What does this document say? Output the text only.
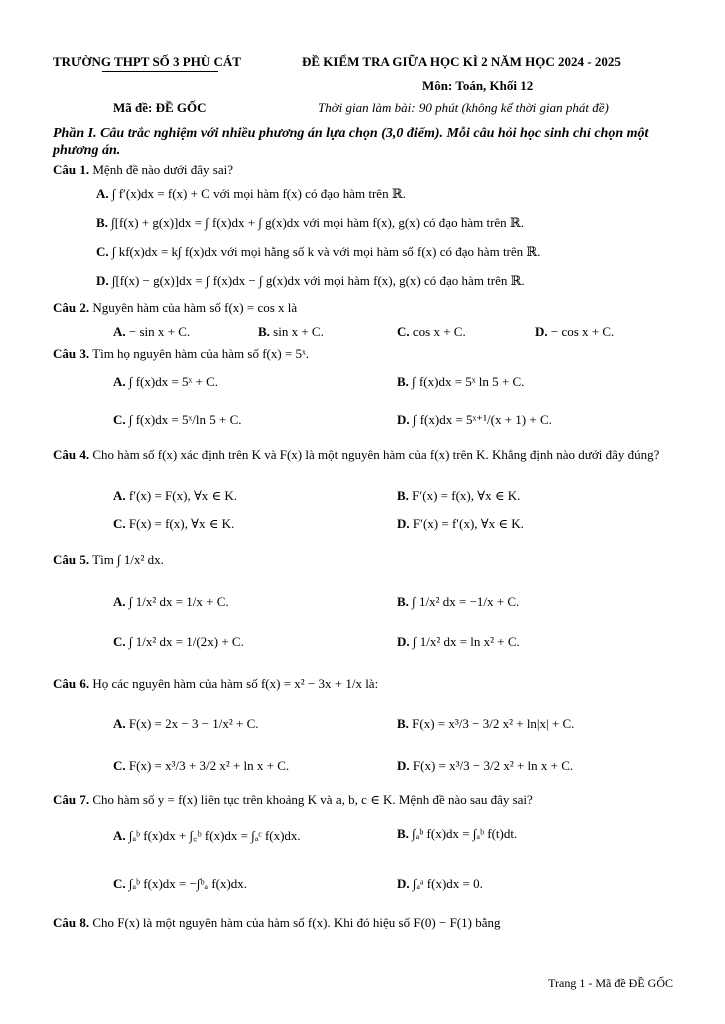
TRƯỜNG THPT SỐ 3 PHÙ CÁT	ĐỀ KIỂM TRA GIỮA HỌC KÌ 2 NĂM HỌC 2024 - 2025
Môn: Toán, Khối 12
Mã đề: ĐỀ GỐC	Thời gian làm bài: 90 phút (không kể thời gian phát đề)
Phần I. Câu trắc nghiệm với nhiều phương án lựa chọn (3,0 điểm). Mỗi câu hỏi học sinh chỉ chọn một phương án.
Câu 1. Mệnh đề nào dưới đây sai?
A. ∫ f′(x)dx = f(x) + C với mọi hàm f(x) có đạo hàm trên ℝ.
B. ∫[f(x) + g(x)]dx = ∫ f(x)dx + ∫ g(x)dx với mọi hàm f(x), g(x) có đạo hàm trên ℝ.
C. ∫ kf(x)dx = k∫ f(x)dx với mọi hằng số k và với mọi hàm số f(x) có đạo hàm trên ℝ.
D. ∫[f(x) − g(x)]dx = ∫ f(x)dx − ∫ g(x)dx với mọi hàm f(x), g(x) có đạo hàm trên ℝ.
Câu 2. Nguyên hàm của hàm số f(x) = cos x là
A. − sin x + C.	B. sin x + C.	C. cos x + C.	D. − cos x + C.
Câu 3. Tìm họ nguyên hàm của hàm số f(x) = 5ˣ.
A. ∫ f(x)dx = 5ˣ + C.	B. ∫ f(x)dx = 5ˣ ln 5 + C.
C. ∫ f(x)dx = 5ˣ/ln 5 + C.	D. ∫ f(x)dx = 5ˣ⁺¹/(x + 1) + C.
Câu 4. Cho hàm số f(x) xác định trên K và F(x) là một nguyên hàm của f(x) trên K. Khẳng định nào dưới đây đúng?
A. f′(x) = F(x), ∀x ∈ K.	B. F′(x) = f(x), ∀x ∈ K.
C. F(x) = f(x), ∀x ∈ K.	D. F′(x) = f′(x), ∀x ∈ K.
Câu 5. Tìm ∫ 1/x² dx.
A. ∫ 1/x² dx = 1/x + C.	B. ∫ 1/x² dx = −1/x + C.
C. ∫ 1/x² dx = 1/(2x) + C.	D. ∫ 1/x² dx = ln x² + C.
Câu 6. Họ các nguyên hàm của hàm số f(x) = x² − 3x + 1/x là:
A. F(x) = 2x − 3 − 1/x² + C.	B. F(x) = x³/3 − 3/2 x² + ln|x| + C.
C. F(x) = x³/3 + 3/2 x² + ln x + C.	D. F(x) = x³/3 − 3/2 x² + ln x + C.
Câu 7. Cho hàm số y = f(x) liên tục trên khoảng K và a, b, c ∈ K. Mệnh đề nào sau đây sai?
A. ∫ₐᵇ f(x)dx + ∫꜀ᵇ f(x)dx = ∫ₐᶜ f(x)dx.	B. ∫ₐᵇ f(x)dx = ∫ₐᵇ f(t)dt.
C. ∫ₐᵇ f(x)dx = −∫ᵇₐ f(x)dx.	D. ∫ₐᵃ f(x)dx = 0.
Câu 8. Cho F(x) là một nguyên hàm của hàm số f(x). Khi đó hiệu số F(0) − F(1) bằng
Trang 1 - Mã đề ĐỀ GỐC
